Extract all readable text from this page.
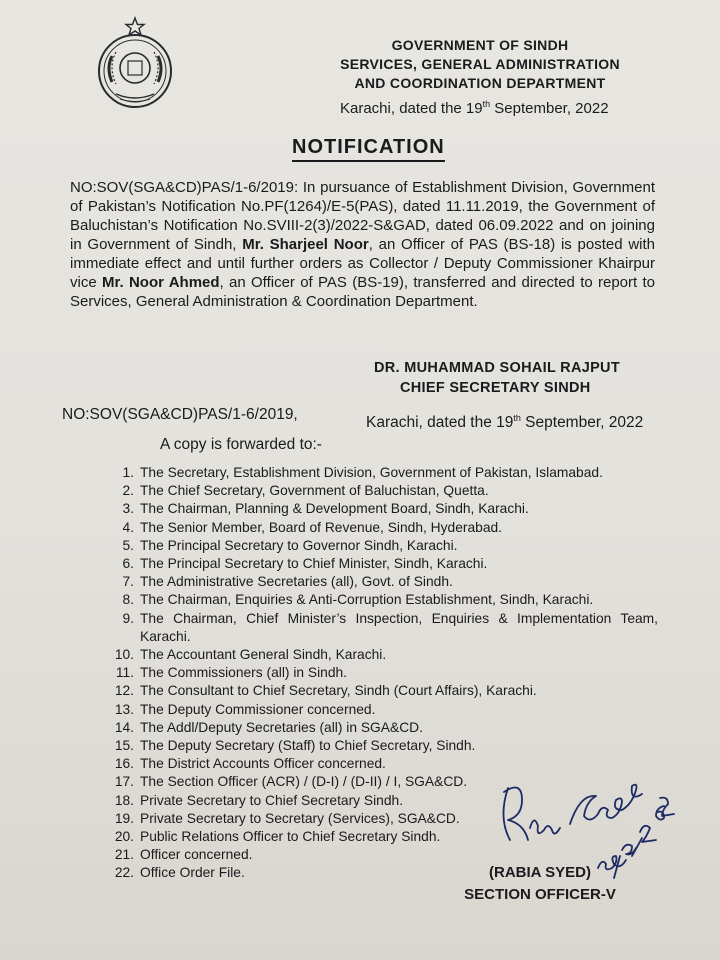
GOVERNMENT OF SINDH
SERVICES, GENERAL ADMINISTRATION
AND COORDINATION DEPARTMENT
Karachi, dated the 19th September, 2022
NOTIFICATION
NO:SOV(SGA&CD)PAS/1-6/2019: In pursuance of Establishment Division, Government of Pakistan’s Notification No.PF(1264)/E-5(PAS), dated 11.11.2019, the Government of Baluchistan’s Notification No.SVIII-2(3)/2022-S&GAD, dated 06.09.2022 and on joining in Government of Sindh, Mr. Sharjeel Noor, an Officer of PAS (BS-18) is posted with immediate effect and until further orders as Collector / Deputy Commissioner Khairpur vice Mr. Noor Ahmed, an Officer of PAS (BS-19), transferred and directed to report to Services, General Administration & Coordination Department.
DR. MUHAMMAD SOHAIL RAJPUT
CHIEF SECRETARY SINDH
NO:SOV(SGA&CD)PAS/1-6/2019,	Karachi, dated the 19th September, 2022
A copy is forwarded to:-
1. The Secretary, Establishment Division, Government of Pakistan, Islamabad.
2. The Chief Secretary, Government of Baluchistan, Quetta.
3. The Chairman, Planning & Development Board, Sindh, Karachi.
4. The Senior Member, Board of Revenue, Sindh, Hyderabad.
5. The Principal Secretary to Governor Sindh, Karachi.
6. The Principal Secretary to Chief Minister, Sindh, Karachi.
7. The Administrative Secretaries (all), Govt. of Sindh.
8. The Chairman, Enquiries & Anti-Corruption Establishment, Sindh, Karachi.
9. The Chairman, Chief Minister’s Inspection, Enquiries & Implementation Team, Karachi.
10. The Accountant General Sindh, Karachi.
11. The Commissioners (all) in Sindh.
12. The Consultant to Chief Secretary, Sindh (Court Affairs), Karachi.
13. The Deputy Commissioner concerned.
14. The Addl/Deputy Secretaries (all) in SGA&CD.
15. The Deputy Secretary (Staff) to Chief Secretary, Sindh.
16. The District Accounts Officer concerned.
17. The Section Officer (ACR) / (D-I) / (D-II) / I, SGA&CD.
18. Private Secretary to Chief Secretary Sindh.
19. Private Secretary to Secretary (Services), SGA&CD.
20. Public Relations Officer to Chief Secretary Sindh.
21. Officer concerned.
22. Office Order File.	(RABIA SYED)
SECTION OFFICER-V
